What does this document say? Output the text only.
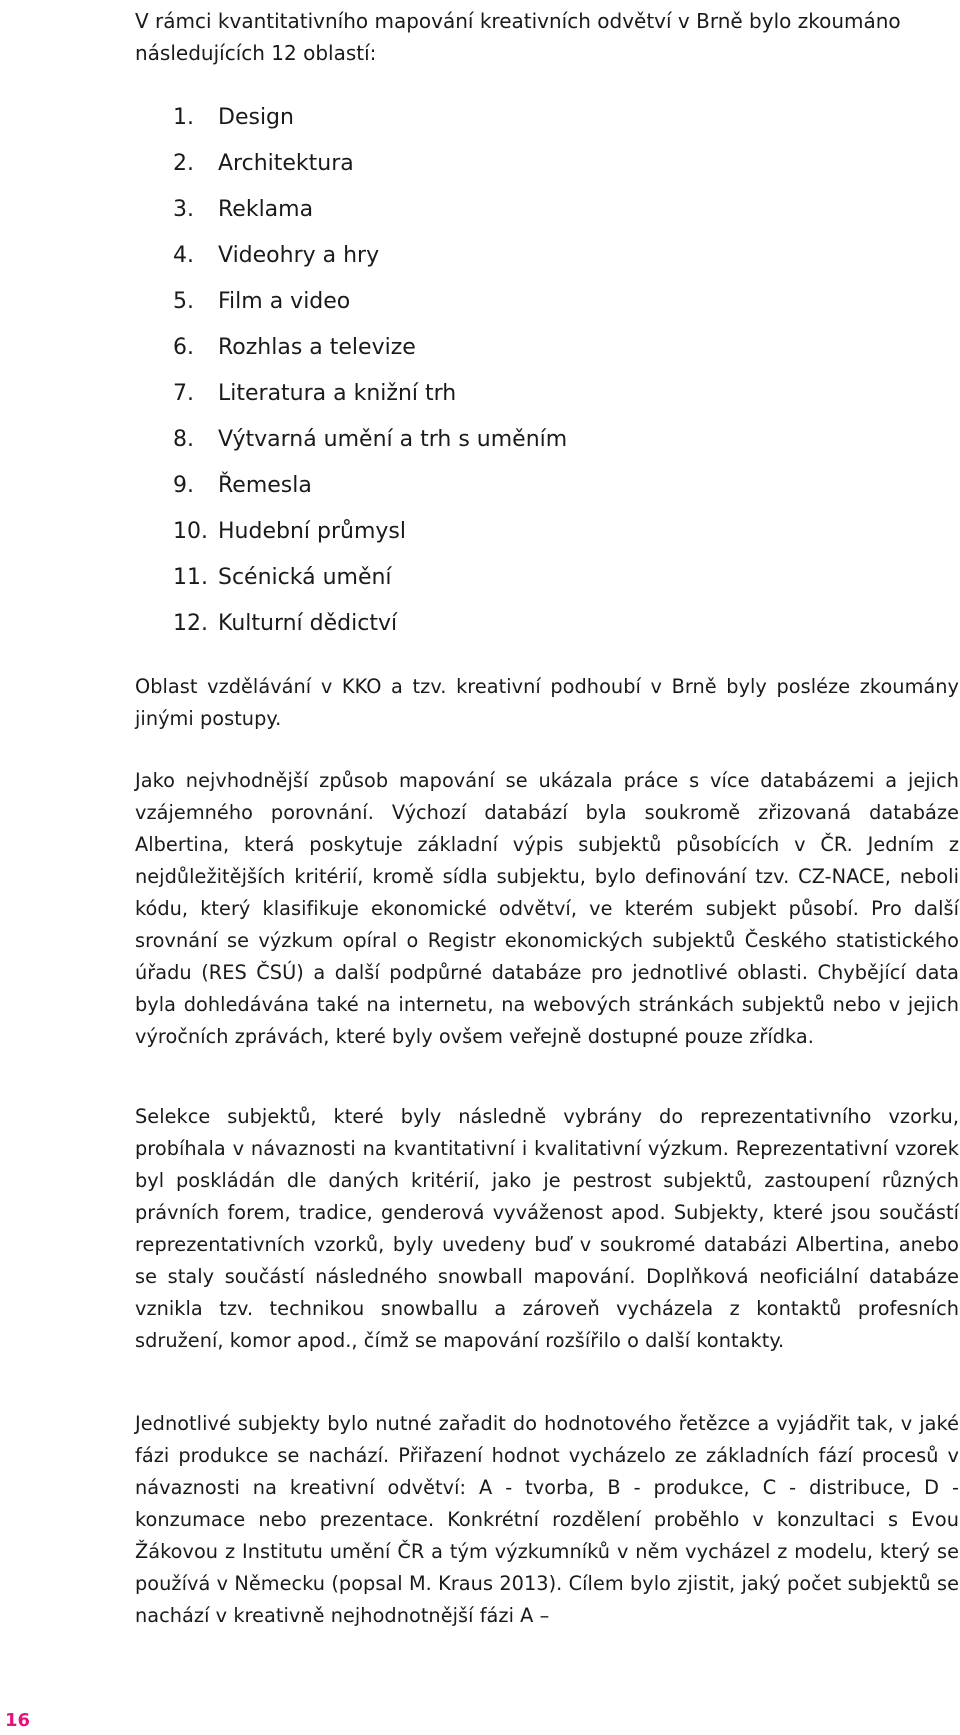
V rámci kvantitativního mapování kreativních odvětví v Brně bylo zkoumáno následujících 12 oblastí:

1.	Design
2.	Architektura
3.	Reklama
4.	Videohry a hry
5.	Film a video
6.	Rozhlas a televize
7.	Literatura a knižní trh
8.	Výtvarná umění a trh s uměním
9.	Řemesla
10. Hudební průmysl
11. Scénická umění
12. Kulturní dědictví

Oblast vzdělávání v KKO a tzv. kreativní podhoubí v Brně byly posléze zkoumány jinými postupy.

Jako nejvhodnější způsob mapování se ukázala práce s více databázemi a jejich vzájemného porovnání. Výchozí databází byla soukromě zřizovaná databáze Albertina, která poskytuje základní výpis subjektů působících v ČR. Jedním z nejdůležitějších kritérií, kromě sídla subjektu, bylo definování tzv. CZ-NACE, neboli kódu, který klasifikuje ekonomické odvětví, ve kterém subjekt působí. Pro další srovnání se výzkum opíral o Registr ekonomických subjektů Českého statistického úřadu (RES ČSÚ) a další podpůrné databáze pro jednotlivé oblasti. Chybějící data byla dohledávána také na internetu, na webových stránkách subjektů nebo v jejich výročních zprávách, které byly ovšem veřejně dostupné pouze zřídka.

Selekce subjektů, které byly následně vybrány do reprezentativního vzorku, probíhala v návaznosti na kvantitativní i kvalitativní výzkum. Reprezentativní vzorek byl poskládán dle daných kritérií, jako je pestrost subjektů, zastoupení různých právních forem, tradice, genderová vyváženost apod. Subjekty, které jsou součástí reprezentativních vzorků, byly uvedeny buď v soukromé databázi Albertina, anebo se staly součástí následného snowball mapování. Doplňková neoficiální databáze vznikla tzv. technikou snowballu a zároveň vycházela z kontaktů profesních sdružení, komor apod., čímž se mapování rozšířilo o další kontakty.

Jednotlivé subjekty bylo nutné zařadit do hodnotového řetězce a vyjádřit tak, v jaké fázi produkce se nachází. Přiřazení hodnot vycházelo ze základních fází procesů v návaznosti na kreativní odvětví: A - tvorba, B - produkce, C - distribuce, D - konzumace nebo prezentace. Konkrétní rozdělení proběhlo v konzultaci s Evou Žákovou z Institutu umění ČR a tým výzkumníků v něm vycházel z modelu, který se používá v Německu (popsal M. Kraus 2013). Cílem bylo zjistit, jaký počet subjektů se nachází v kreativně nejhodnotnější fázi A –

16
